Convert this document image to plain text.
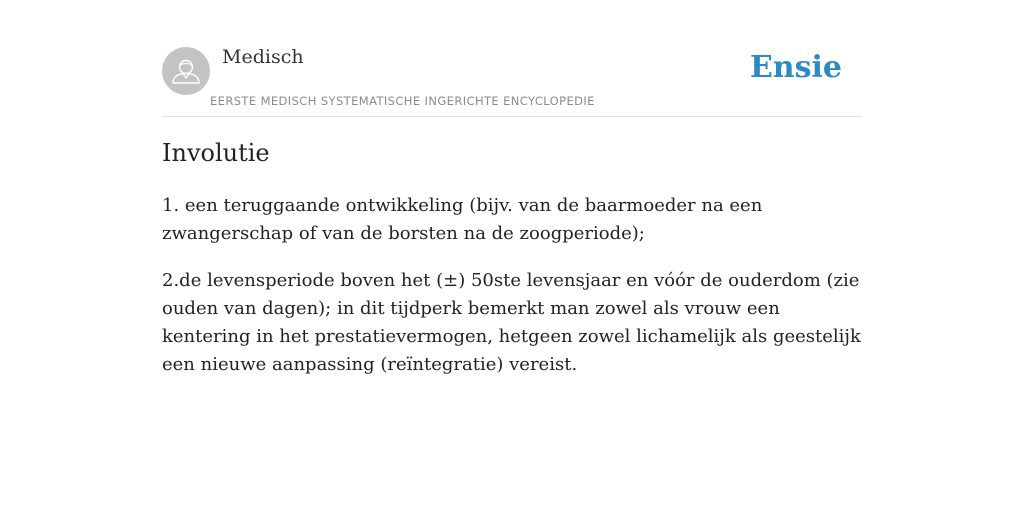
Medisch
EERSTE MEDISCH SYSTEMATISCHE INGERICHTE ENCYCLOPEDIE
Ensie
Involutie

1. een teruggaande ontwikkeling (bijv. van de baarmoeder na een zwangerschap of van de borsten na de zoogperiode);

2.de levensperiode boven het (±) 50ste levensjaar en vóór de ouderdom (zie ouden van dagen); in dit tijdperk bemerkt man zowel als vrouw een kentering in het prestatievermogen, hetgeen zowel lichamelijk als geestelijk een nieuwe aanpassing (reïntegratie) vereist.
